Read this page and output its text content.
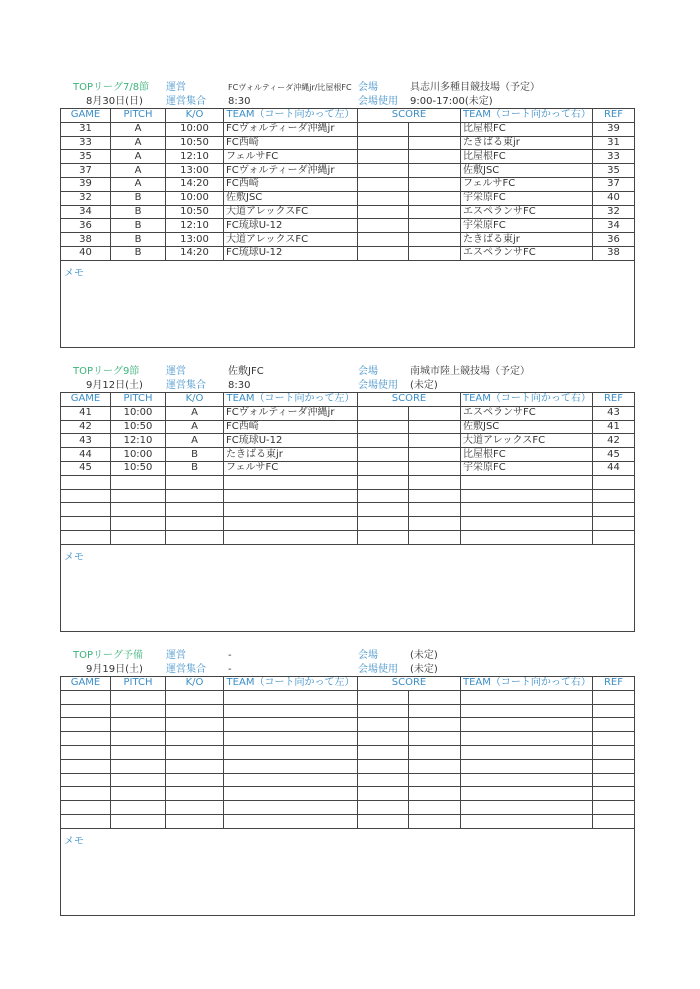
TOPリーグ7/8節
8月30日(日)
運営	FCヴォルティーダ沖縄jr/比屋根FC
運営集合 8:30
会場	具志川多種目競技場（予定）
会場使用 9:00-17:00(未定)
GAME	PITCH	K/O	TEAM（コート向かって左）	SCORE		TEAM（コート向かって右）	REF
31	A	10:00	FCヴォルティーダ沖縄jr			比屋根FC	39
33	A	10:50	FC西崎			たきばる東jr	31
35	A	12:10	フェルサFC			比屋根FC	33
37	A	13:00	FCヴォルティーダ沖縄jr			佐敷JSC	35
39	A	14:20	FC西崎			フェルサFC	37
32	B	10:00	佐敷JSC			宇栄原FC	40
34	B	10:50	大道アレックスFC			エスペランサFC	32
36	B	12:10	FC琉球U-12			宇栄原FC	34
38	B	13:00	大道アレックスFC			たきばる東jr	36
40	B	14:20	FC琉球U-12			エスペランサFC	38
メモ
TOPリーグ9節
9月12日(土)
運営	佐敷JFC
運営集合 8:30
会場	南城市陸上競技場（予定）
会場使用 (未定)
GAME	PITCH	K/O	TEAM（コート向かって左）	SCORE		TEAM（コート向かって右）	REF
41	10:00	A	FCヴォルティーダ沖縄jr			エスペランサFC	43
42	10:50	A	FC西崎			佐敷JSC	41
43	12:10	A	FC琉球U-12			大道アレックスFC	42
44	10:00	B	たきばる東jr			比屋根FC	45
45	10:50	B	フェルサFC			宇栄原FC	44

メモ
TOPリーグ予備
9月19日(土)
運営	-
運営集合 -
会場	(未定)
会場使用 (未定)
GAME	PITCH	K/O	TEAM（コート向かって左）	SCORE		TEAM（コート向かって右）	REF

メモ
